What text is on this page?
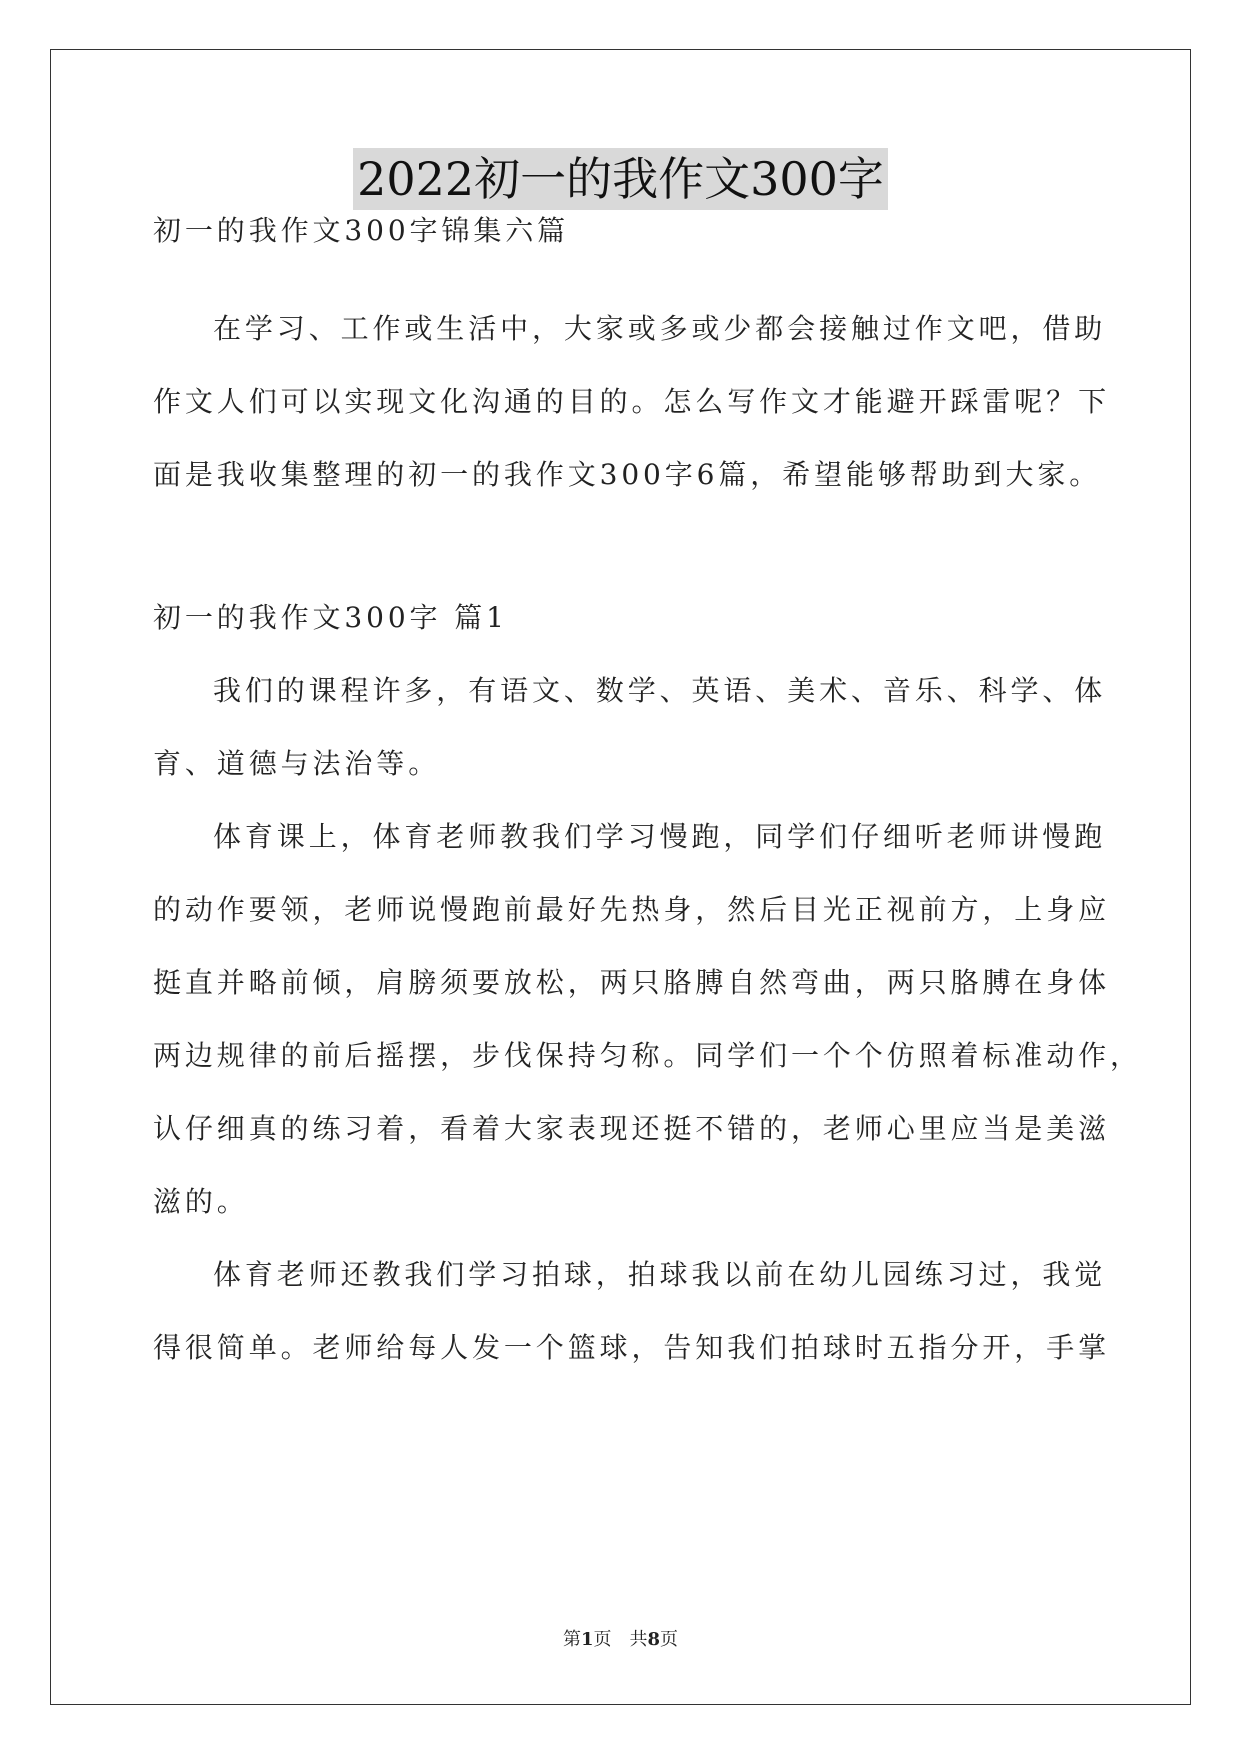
2022初一的我作文300字
初一的我作文300字锦集六篇
在学习、工作或生活中，大家或多或少都会接触过作文吧，借助
作文人们可以实现文化沟通的目的。怎么写作文才能避开踩雷呢？下
面是我收集整理的初一的我作文300字6篇，希望能够帮助到大家。
初一的我作文300字 篇1
我们的课程许多，有语文、数学、英语、美术、音乐、科学、体
育、道德与法治等。
体育课上，体育老师教我们学习慢跑，同学们仔细听老师讲慢跑
的动作要领，老师说慢跑前最好先热身，然后目光正视前方，上身应
挺直并略前倾，肩膀须要放松，两只胳膊自然弯曲，两只胳膊在身体
两边规律的前后摇摆，步伐保持匀称。同学们一个个仿照着标准动作，
认仔细真的练习着，看着大家表现还挺不错的，老师心里应当是美滋
滋的。
体育老师还教我们学习拍球，拍球我以前在幼儿园练习过，我觉
得很简单。老师给每人发一个篮球，告知我们拍球时五指分开，手掌
第1页 共8页
